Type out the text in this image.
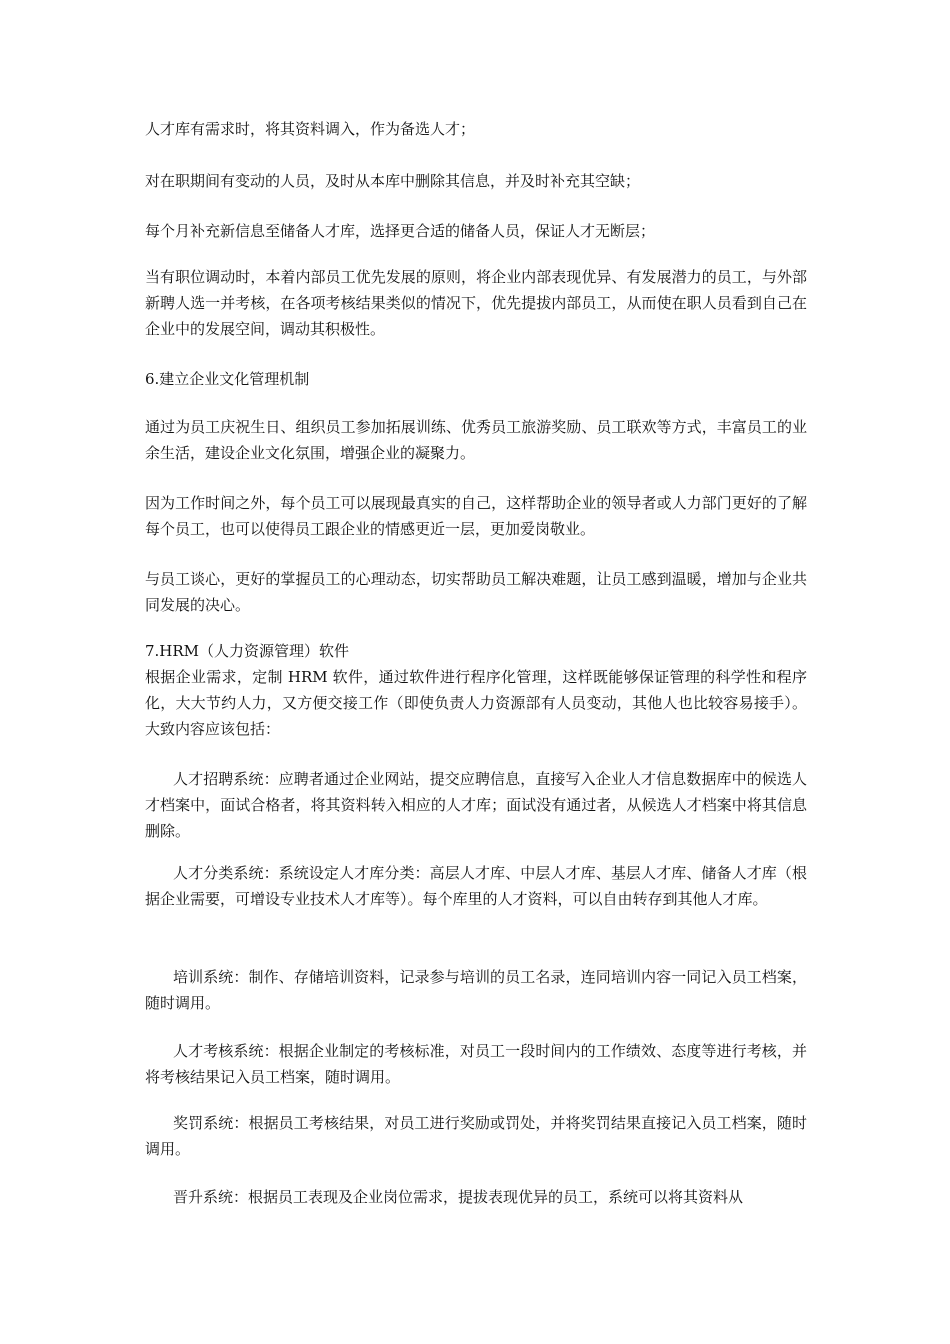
人才库有需求时，将其资料调入，作为备选人才；

对在职期间有变动的人员，及时从本库中删除其信息，并及时补充其空缺；

每个月补充新信息至储备人才库，选择更合适的储备人员，保证人才无断层；

当有职位调动时，本着内部员工优先发展的原则，将企业内部表现优异、有发展潜力的员工，与外部新聘人选一并考核，在各项考核结果类似的情况下，优先提拔内部员工，从而使在职人员看到自己在企业中的发展空间，调动其积极性。

6.建立企业文化管理机制

通过为员工庆祝生日、组织员工参加拓展训练、优秀员工旅游奖励、员工联欢等方式，丰富员工的业余生活，建设企业文化氛围，增强企业的凝聚力。

因为工作时间之外，每个员工可以展现最真实的自己，这样帮助企业的领导者或人力部门更好的了解每个员工，也可以使得员工跟企业的情感更近一层，更加爱岗敬业。

与员工谈心，更好的掌握员工的心理动态，切实帮助员工解决难题，让员工感到温暖，增加与企业共同发展的决心。

7.HRM（人力资源管理）软件

根据企业需求，定制 HRM 软件，通过软件进行程序化管理，这样既能够保证管理的科学性和程序化，大大节约人力，又方便交接工作（即使负责人力资源部有人员变动，其他人也比较容易接手）。大致内容应该包括：

人才招聘系统：应聘者通过企业网站，提交应聘信息，直接写入企业人才信息数据库中的候选人才档案中，面试合格者，将其资料转入相应的人才库；面试没有通过者，从候选人才档案中将其信息删除。

人才分类系统：系统设定人才库分类：高层人才库、中层人才库、基层人才库、储备人才库（根据企业需要，可增设专业技术人才库等）。每个库里的人才资料，可以自由转存到其他人才库。

培训系统：制作、存储培训资料，记录参与培训的员工名录，连同培训内容一同记入员工档案，随时调用。

人才考核系统：根据企业制定的考核标准，对员工一段时间内的工作绩效、态度等进行考核，并将考核结果记入员工档案，随时调用。

奖罚系统：根据员工考核结果，对员工进行奖励或罚处，并将奖罚结果直接记入员工档案，随时调用。

晋升系统：根据员工表现及企业岗位需求，提拔表现优异的员工，系统可以将其资料从
